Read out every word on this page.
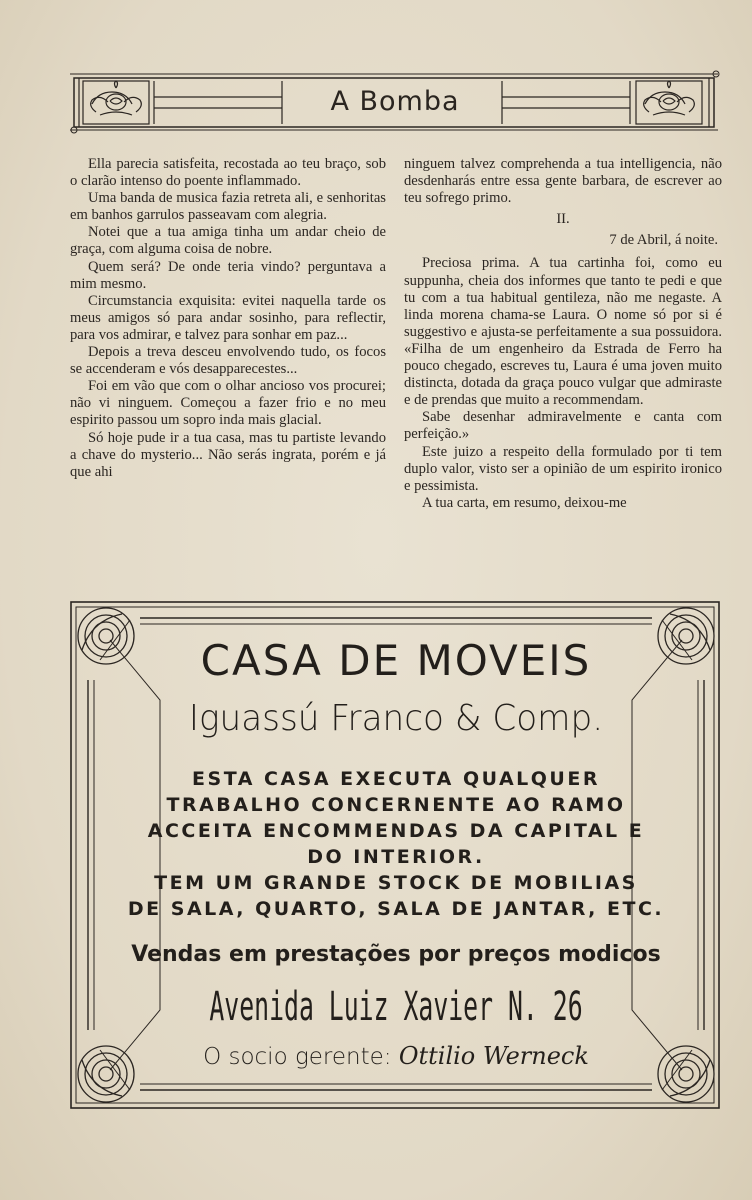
A Bomba

Ella parecia satisfeita, recostada ao teu braço, sob o clarão intenso do poente inflammado.

Uma banda de musica fazia retreta ali, e senhoritas em banhos garrulos passeavam com alegria.

Notei que a tua amiga tinha um andar cheio de graça, com alguma coisa de nobre.

Quem será? De onde teria vindo? perguntava a mim mesmo.

Circumstancia exquisita: evitei naquella tarde os meus amigos só para andar sosinho, para reflectir, para vos admirar, e talvez para sonhar em paz...

Depois a treva desceu envolvendo tudo, os focos se accenderam e vós desapparecestes...

Foi em vão que com o olhar ancioso vos procurei; não vi ninguem. Começou a fazer frio e no meu espirito passou um sopro inda mais glacial.

Só hoje pude ir a tua casa, mas tu partiste levando a chave do mysterio... Não serás ingrata, porém e já que ahi

ninguem talvez comprehenda a tua intelligencia, não desdenharás entre essa gente barbara, de escrever ao teu sofrego primo.

II.
7 de Abril, á noite.

Preciosa prima. A tua cartinha foi, como eu suppunha, cheia dos informes que tanto te pedi e que tu com a tua habitual gentileza, não me negaste. A linda morena chama-se Laura. O nome só por si é suggestivo e ajusta-se perfeitamente a sua possuidora. «Filha de um engenheiro da Estrada de Ferro ha pouco chegado, escreves tu, Laura é uma joven muito distincta, dotada da graça pouco vulgar que admiraste e de prendas que muito a recommendam.

Sabe desenhar admiravelmente e canta com perfeição.»

Este juizo a respeito della formulado por ti tem duplo valor, visto ser a opinião de um espirito ironico e pessimista.

A tua carta, em resumo, deixou-me

CASA DE MOVEIS
Iguassú Franco & Comp.
ESTA CASA EXECUTA QUALQUER
TRABALHO CONCERNENTE AO RAMO
ACCEITA ENCOMMENDAS DA CAPITAL E
DO INTERIOR.
TEM UM GRANDE STOCK DE MOBILIAS
DE SALA, QUARTO, SALA DE JANTAR, ETC.
Vendas em prestações por preços modicos
Avenida Luiz Xavier N. 26
O socio gerente: Ottilio Werneck
